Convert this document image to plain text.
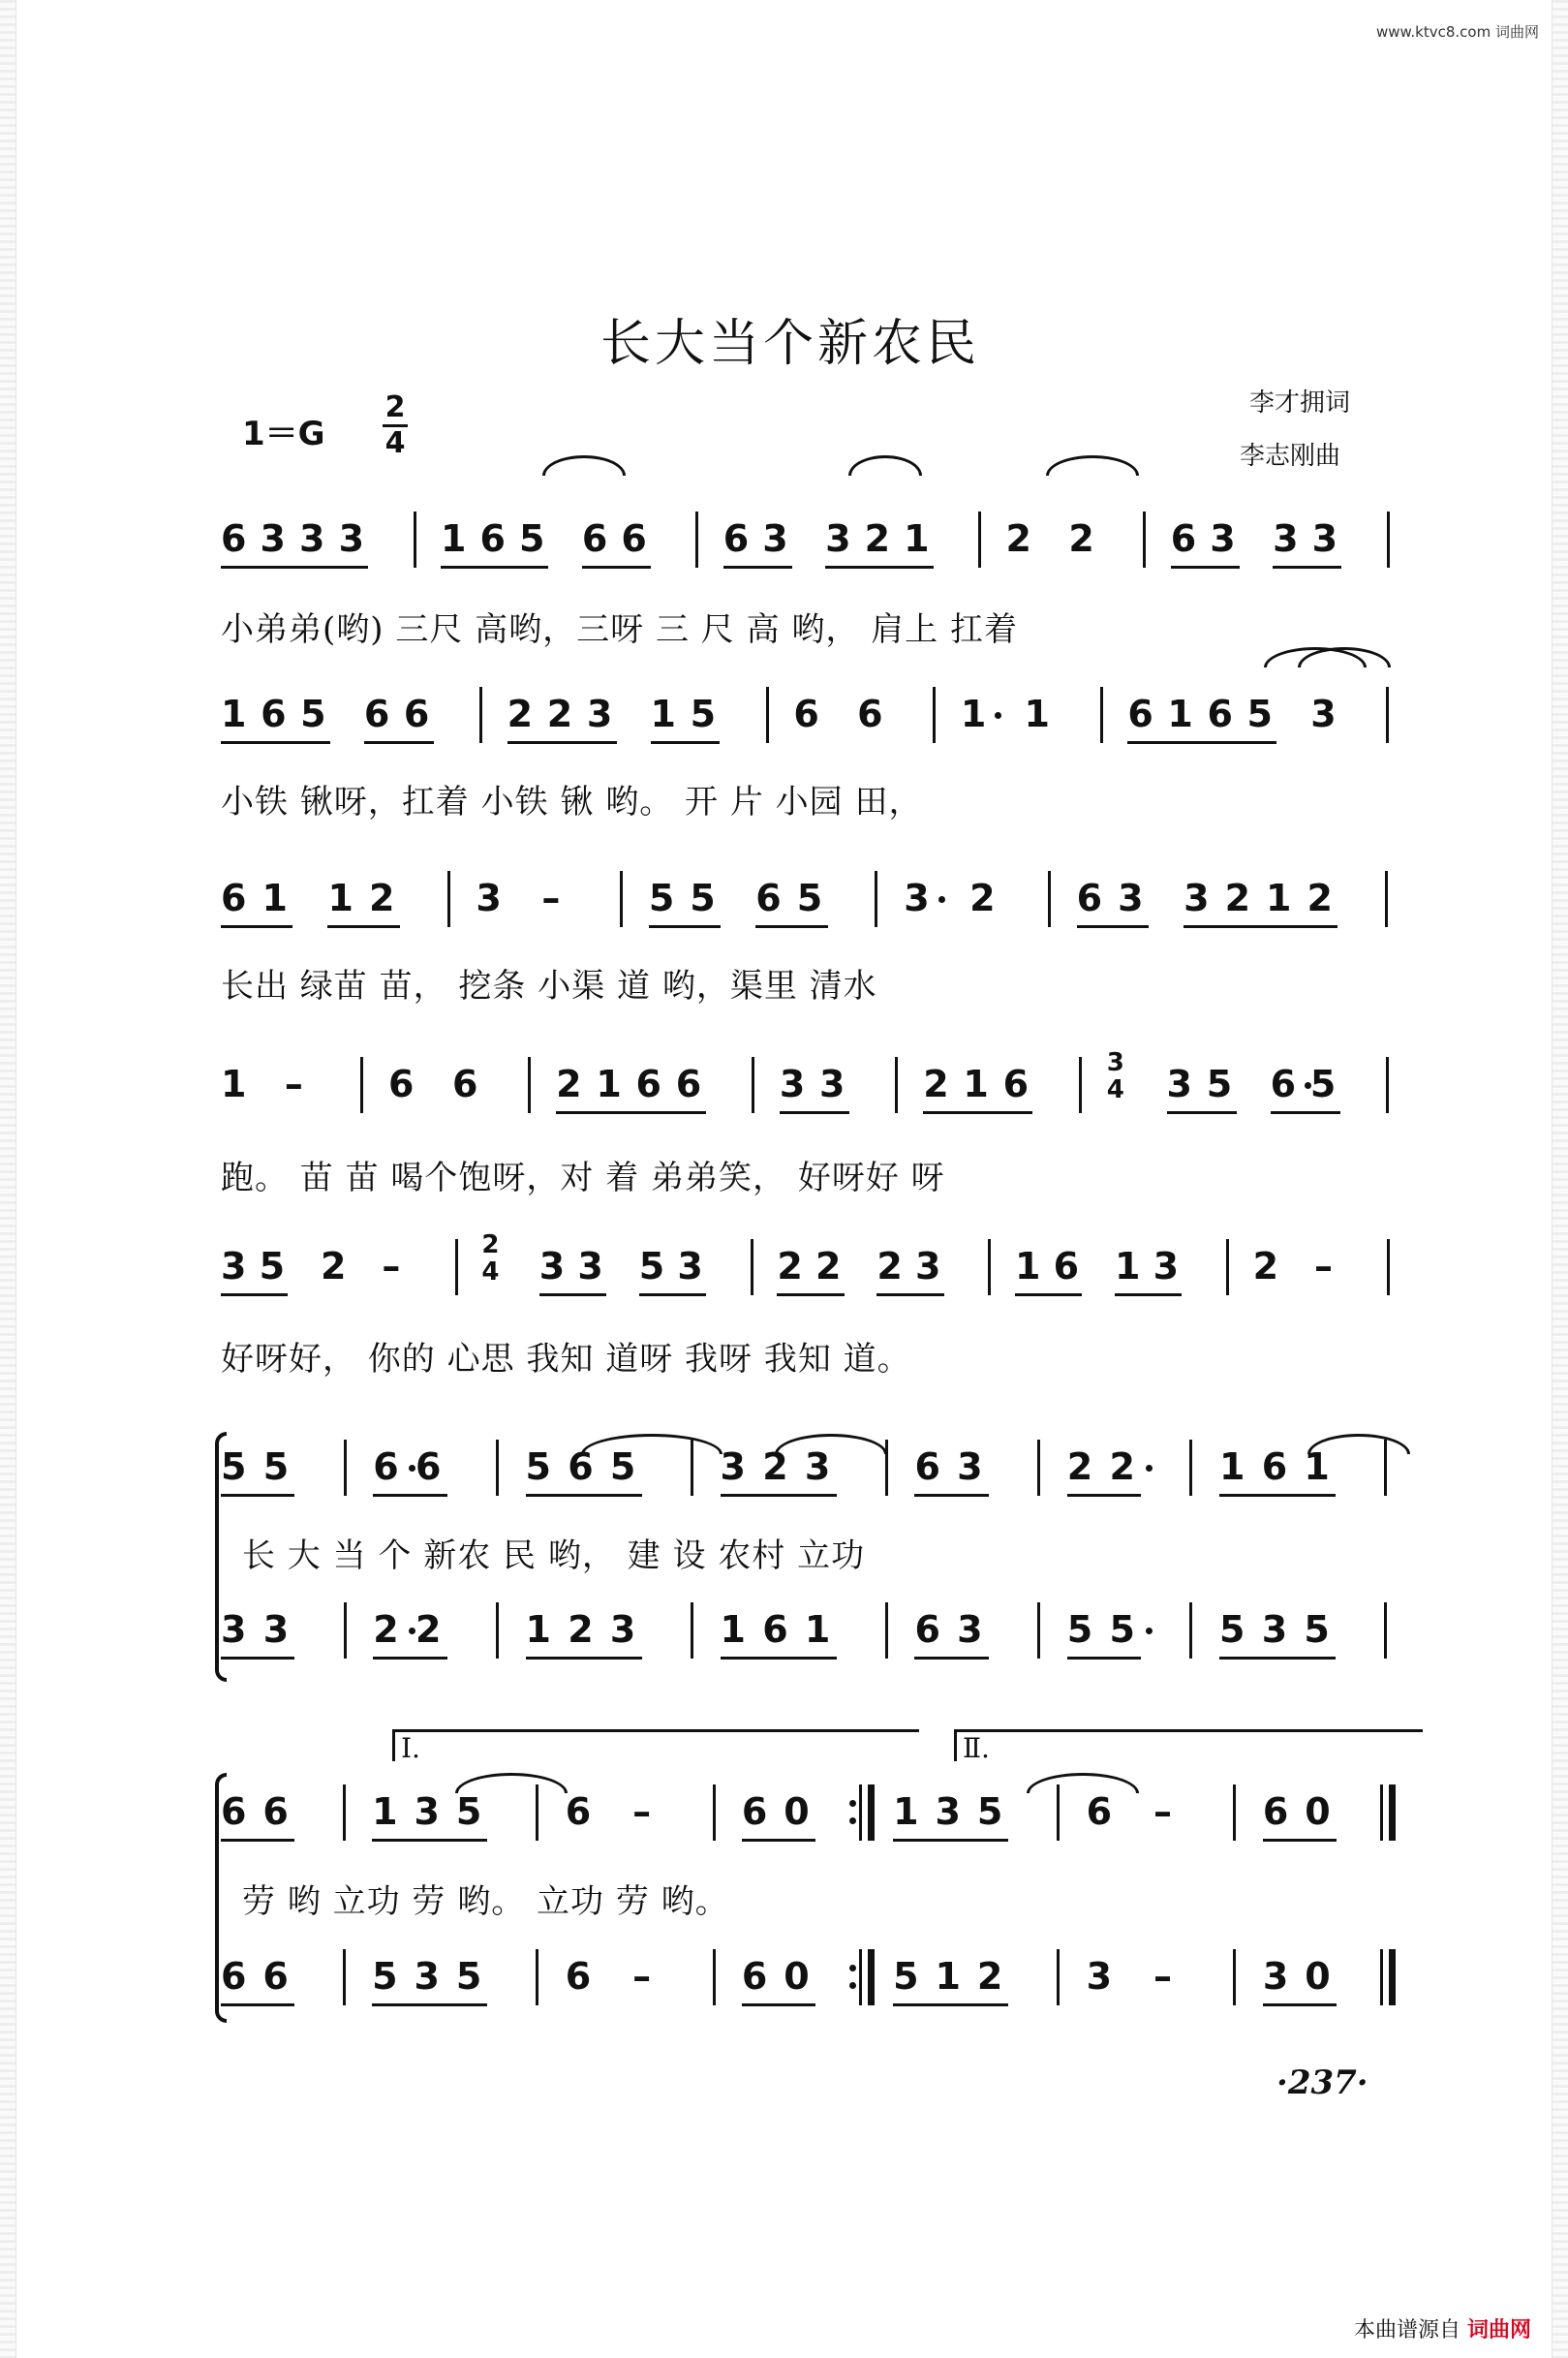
www.ktvc8.com 词曲网
长大当个新农民
1＝G
2
4
李才拥词
李志刚曲
6 3 3 3 1 6 5 6 6 6 3 3 2 1 2 2 6 3 3 3
1 6 5 6 6 2 2 3 1 5 6 6 1 1 6 1 6 5 3
6 1 1 2 3 – 5 5 6 5 3 2 6 3 3 2 1 2
1 – 6 6 2 1 6 6 3 3 2 1 6	3
4 3 5 6 5
3 5 2 –	2
4 3 3 5 3 2 2 2 3 1 6 1 3 2 –
5 5 6 6 5 6 5 3 2 3 6 3 2 2 1 6 1
3 3 2 2 1 2 3 1 6 1 6 3 5 5 5 3 5
6 6 1 3 5 6 – 6 0 1 3 5 6 – 6 0
6 6 5 3 5 6 – 6 0 5 1 2 3 – 3 0
小弟弟(哟) 三尺 高哟，三呀 三 尺 高 哟， 肩上 扛着
小铁 锹呀，扛着 小铁 锹 哟。 开 片 小园 田，
长出 绿苗 苗， 挖条 小渠 道 哟，渠里 清水
跑。 苗 苗 喝个饱呀，对 着 弟弟笑， 好呀好 呀
好呀好， 你的 心思 我知 道呀 我呀 我知 道。
长 大 当 个 新农 民 哟， 建 设 农村 立功
劳 哟 立功 劳 哟。 立功 劳 哟。
Ⅰ.	Ⅱ.
·237·
本曲谱源自 词曲网
